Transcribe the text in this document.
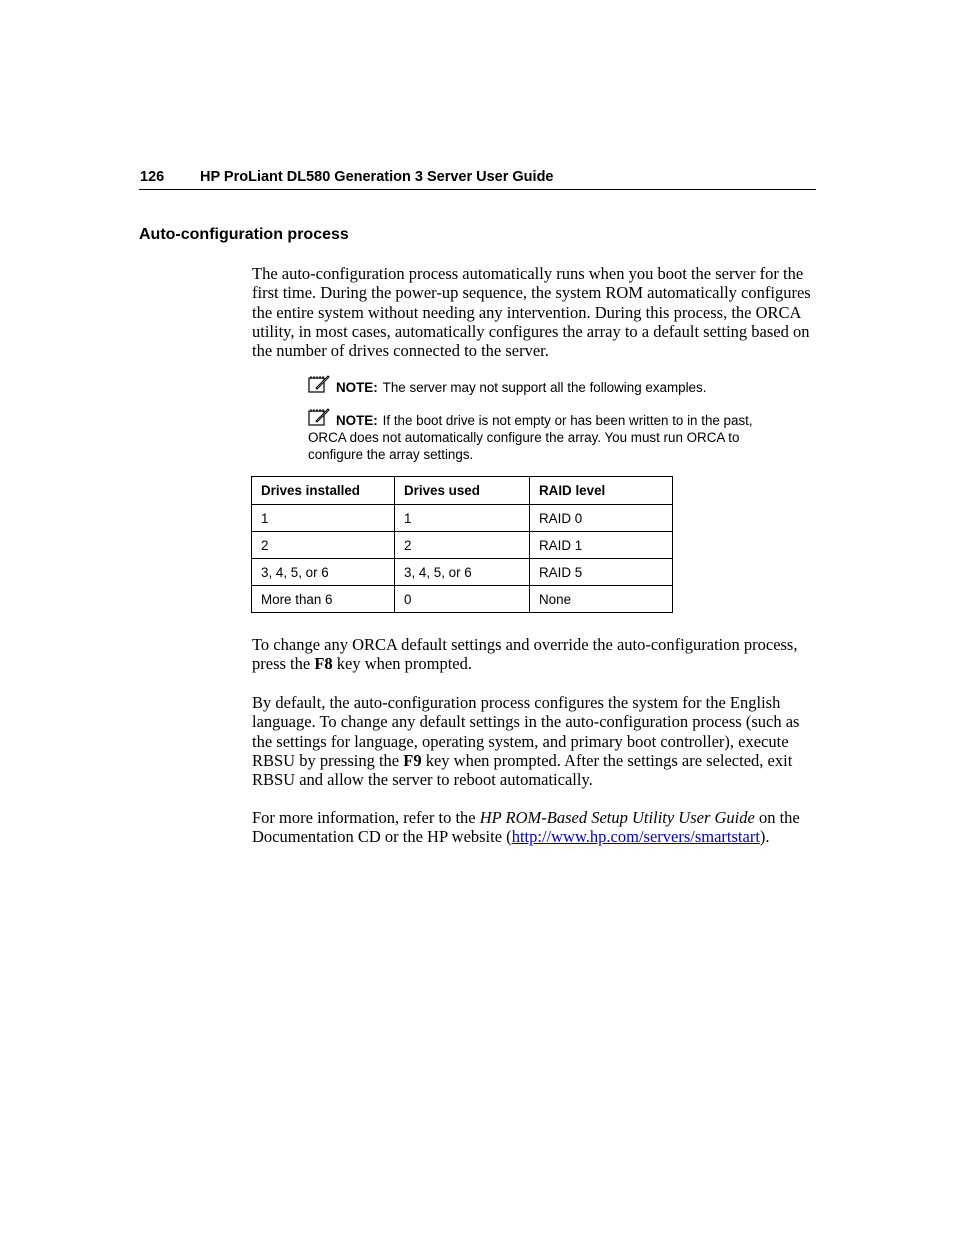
126 HP ProLiant DL580 Generation 3 Server User Guide
Auto-configuration process

The auto-configuration process automatically runs when you boot the server for the first time. During the power-up sequence, the system ROM automatically configures the entire system without needing any intervention. During this process, the ORCA utility, in most cases, automatically configures the array to a default setting based on the number of drives connected to the server.

NOTE: The server may not support all the following examples.
NOTE: If the boot drive is not empty or has been written to in the past, ORCA does not automatically configure the array. You must run ORCA to configure the array settings.
Drives installed	Drives used	RAID level
1	1	RAID 0
2	2	RAID 1
3, 4, 5, or 6	3, 4, 5, or 6	RAID 5
More than 6	0	None

To change any ORCA default settings and override the auto-configuration process, press the F8 key when prompted.

By default, the auto-configuration process configures the system for the English language. To change any default settings in the auto-configuration process (such as the settings for language, operating system, and primary boot controller), execute RBSU by pressing the F9 key when prompted. After the settings are selected, exit RBSU and allow the server to reboot automatically.

For more information, refer to the HP ROM-Based Setup Utility User Guide on the Documentation CD or the HP website (http://www.hp.com/servers/smartstart).
